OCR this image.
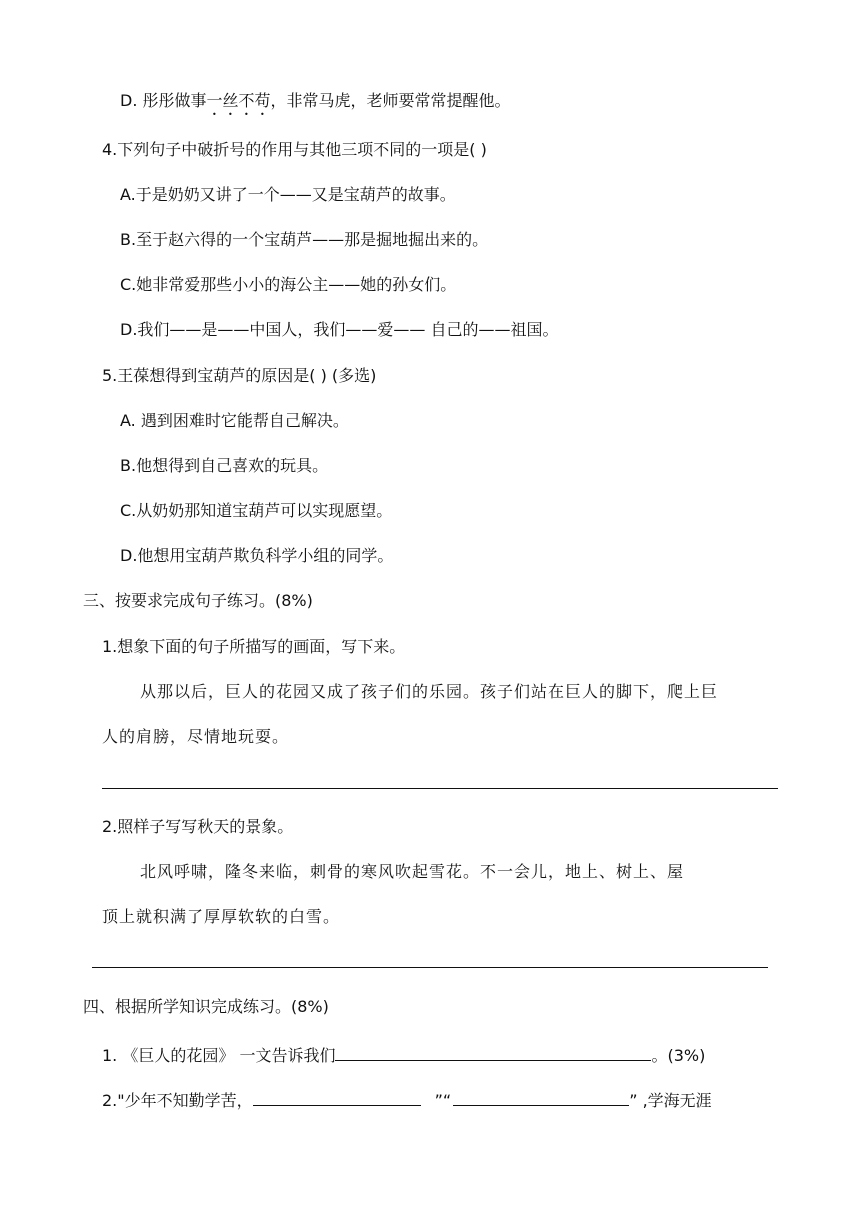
D. 彤彤做事一丝不苟，非常马虎，老师要常常提醒他。
4.下列句子中破折号的作用与其他三项不同的一项是( )
A.于是奶奶又讲了一个——又是宝葫芦的故事。
B.至于赵六得的一个宝葫芦——那是掘地掘出来的。
C.她非常爱那些小小的海公主——她的孙女们。
D.我们——是——中国人，我们——爱—— 自己的——祖国。
5.王葆想得到宝葫芦的原因是( ) (多选)
A. 遇到困难时它能帮自己解决。
B.他想得到自己喜欢的玩具。
C.从奶奶那知道宝葫芦可以实现愿望。
D.他想用宝葫芦欺负科学小组的同学。
三、按要求完成句子练习。(8%)
1.想象下面的句子所描写的画面，写下来。
从那以后，巨人的花园又成了孩子们的乐园。孩子们站在巨人的脚下，爬上巨
人的肩膀，尽情地玩耍。
2.照样子写写秋天的景象。
北风呼啸，隆冬来临，刺骨的寒风吹起雪花。不一会儿，地上、树上、屋
顶上就积满了厚厚软软的白雪。
四、根据所学知识完成练习。(8%)
1. 《巨人的花园》 一文告诉我们	。(3%)
2."少年不知勤学苦，	”“	” ,学海无涯
